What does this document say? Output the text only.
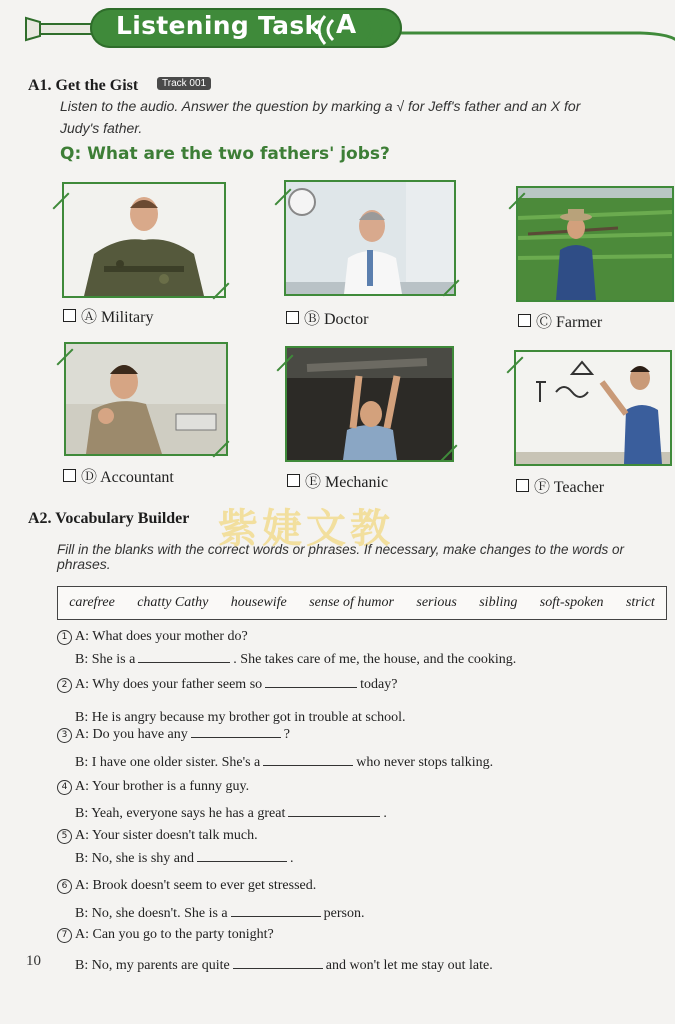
Listening Task A
A1. Get the Gist	Track 001
Listen to the audio. Answer the question by marking a √ for Jeff's father and an X for
Judy's father.
Q: What are the two fathers' jobs?
Ⓐ Military	Ⓑ Doctor	Ⓒ Farmer
Ⓓ Accountant	Ⓔ Mechanic	Ⓕ Teacher
紫婕文教
A2. Vocabulary Builder
Fill in the blanks with the correct words or phrases. If necessary, make changes to the words or
phrases.
carefree chatty Cathy housewife sense of humor serious sibling soft-spoken strict
1 A: What does your mother do?
B: She is a	. She takes care of me, the house, and the cooking.
2 A: Why does your father seem so	today?
B: He is angry because my brother got in trouble at school.
3 A: Do you have any	?
B: I have one older sister. She's a	who never stops talking.
4 A: Your brother is a funny guy.
B: Yeah, everyone says he has a great	.
5 A: Your sister doesn't talk much.
B: No, she is shy and	.
6 A: Brook doesn't seem to ever get stressed.
B: No, she doesn't. She is a	person.
7 A: Can you go to the party tonight?
B: No, my parents are quite	and won't let me stay out late.
10
